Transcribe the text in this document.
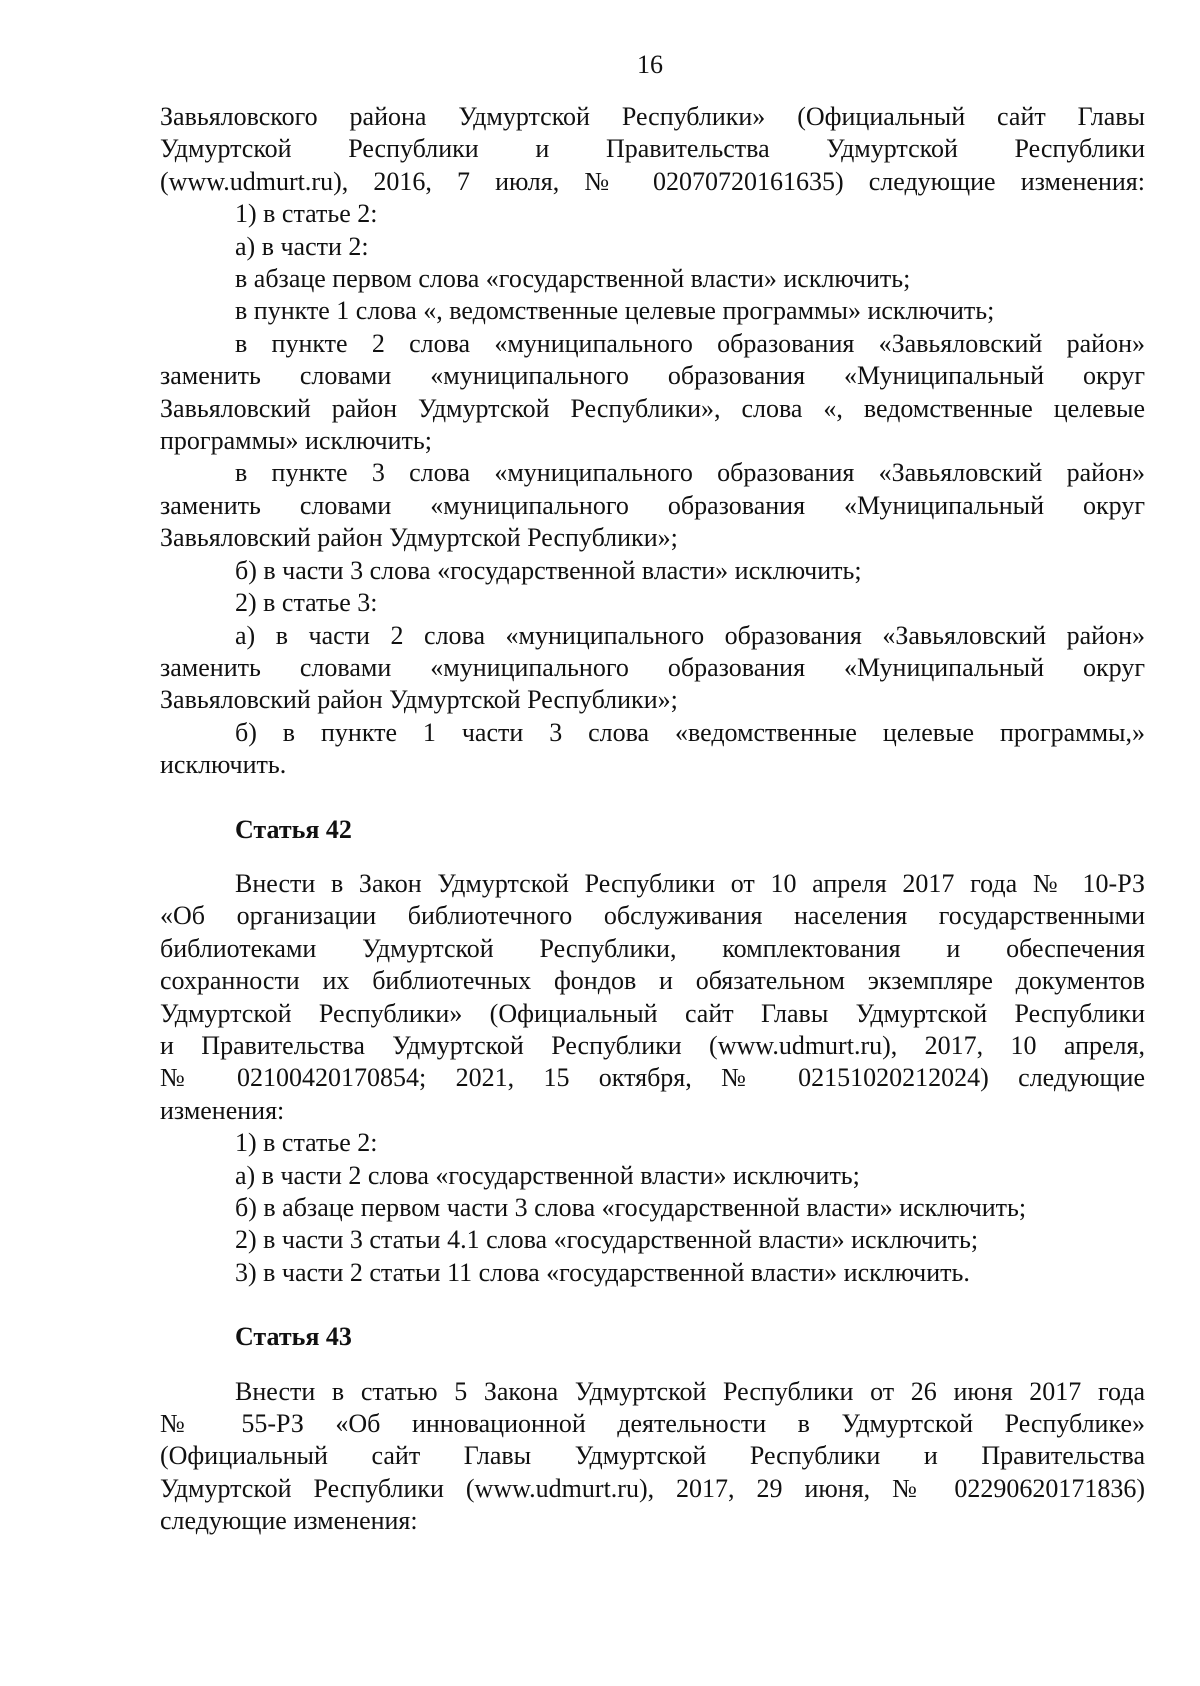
16

Завьяловского района Удмуртской Республики» (Официальный сайт Главы

Удмуртской Республики и Правительства Удмуртской Республики

(www.udmurt.ru), 2016, 7 июля, № 02070720161635) следующие изменения:

1) в статье 2:

а) в части 2:

в абзаце первом слова «государственной власти» исключить;

в пункте 1 слова «, ведомственные целевые программы» исключить;

в пункте 2 слова «муниципального образования «Завьяловский район»

заменить словами «муниципального образования «Муниципальный округ

Завьяловский район Удмуртской Республики», слова «, ведомственные целевые

программы» исключить;

в пункте 3 слова «муниципального образования «Завьяловский район»

заменить словами «муниципального образования «Муниципальный округ

Завьяловский район Удмуртской Республики»;

б) в части 3 слова «государственной власти» исключить;

2) в статье 3:

а) в части 2 слова «муниципального образования «Завьяловский район»

заменить словами «муниципального образования «Муниципальный округ

Завьяловский район Удмуртской Республики»;

б) в пункте 1 части 3 слова «ведомственные целевые программы,»

исключить.

Статья 42

Внести в Закон Удмуртской Республики от 10 апреля 2017 года № 10-РЗ

«Об организации библиотечного обслуживания населения государственными

библиотеками Удмуртской Республики, комплектования и обеспечения

сохранности их библиотечных фондов и обязательном экземпляре документов

Удмуртской Республики» (Официальный сайт Главы Удмуртской Республики

и Правительства Удмуртской Республики (www.udmurt.ru), 2017, 10 апреля,

№ 02100420170854; 2021, 15 октября, № 02151020212024) следующие

изменения:

1) в статье 2:

а) в части 2 слова «государственной власти» исключить;

б) в абзаце первом части 3 слова «государственной власти» исключить;

2) в части 3 статьи 4.1 слова «государственной власти» исключить;

3) в части 2 статьи 11 слова «государственной власти» исключить.

Статья 43

Внести в статью 5 Закона Удмуртской Республики от 26 июня 2017 года

№ 55-РЗ «Об инновационной деятельности в Удмуртской Республике»

(Официальный сайт Главы Удмуртской Республики и Правительства

Удмуртской Республики (www.udmurt.ru), 2017, 29 июня, № 02290620171836)

следующие изменения:
